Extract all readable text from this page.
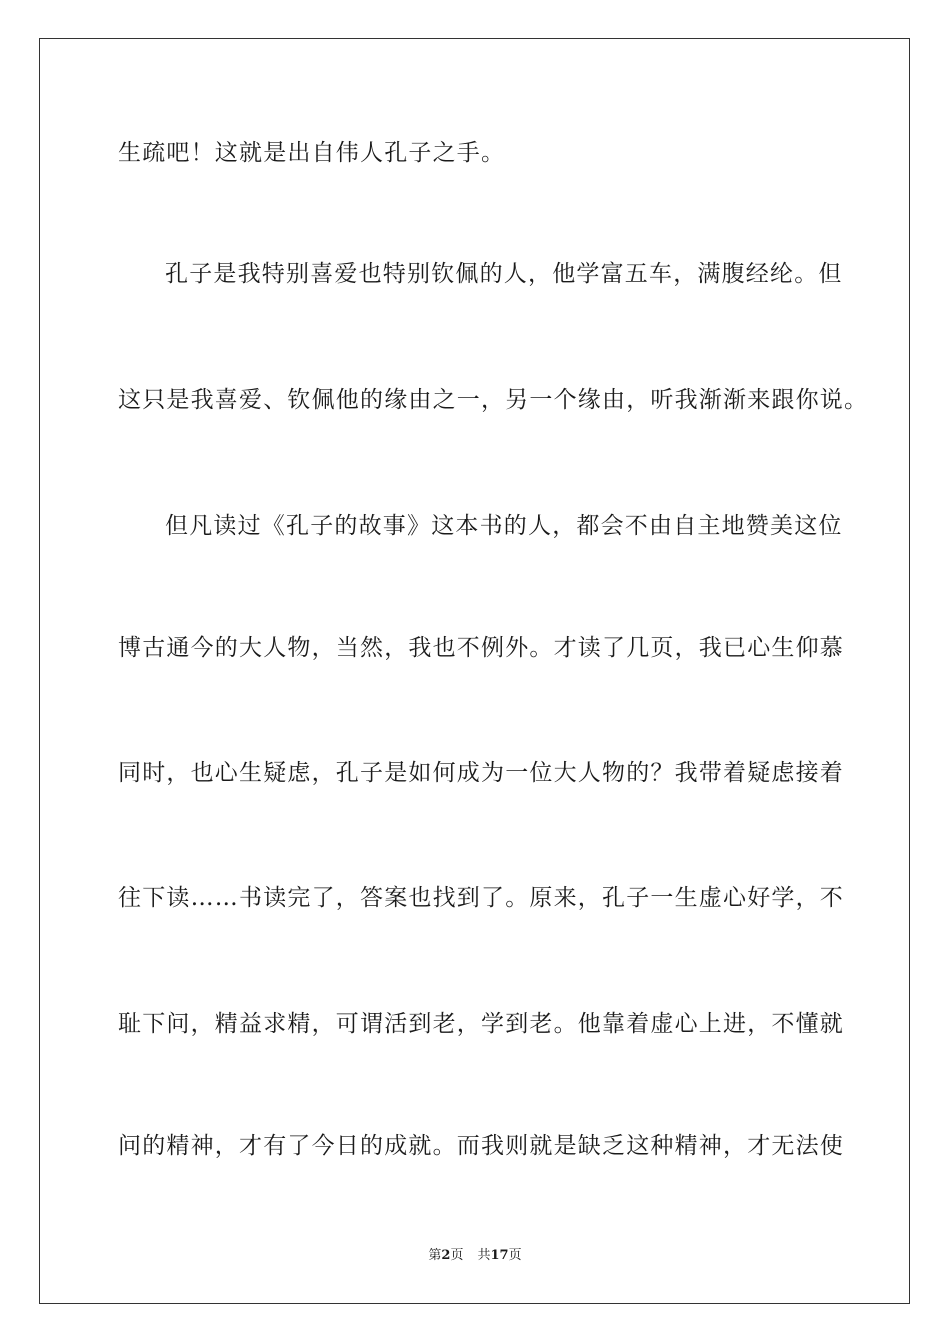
生疏吧！这就是出自伟人孔子之手。
孔子是我特别喜爱也特别钦佩的人，他学富五车，满腹经纶。但
这只是我喜爱、钦佩他的缘由之一，另一个缘由，听我渐渐来跟你说。
但凡读过《孔子的故事》这本书的人，都会不由自主地赞美这位
博古通今的大人物，当然，我也不例外。才读了几页，我已心生仰慕
同时，也心生疑虑，孔子是如何成为一位大人物的？我带着疑虑接着
往下读……书读完了，答案也找到了。原来，孔子一生虚心好学，不
耻下问，精益求精，可谓活到老，学到老。他靠着虚心上进，不懂就
问的精神，才有了今日的成就。而我则就是缺乏这种精神，才无法使
第2页 共17页
